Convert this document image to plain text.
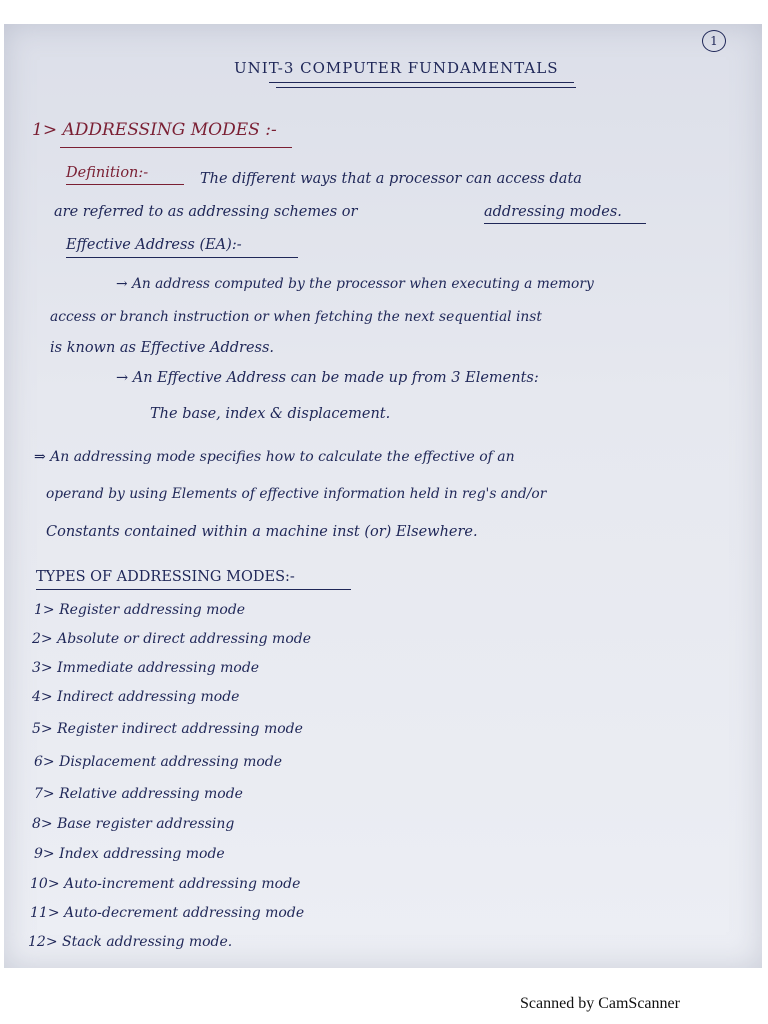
1
UNIT-3 COMPUTER FUNDAMENTALS
1> ADDRESSING MODES :-
Definition:-	The different ways that a processor can access data
are referred to as addressing schemes or	addressing modes.
Effective Address (EA):-
→ An address computed by the processor when executing a memory
access or branch instruction or when fetching the next sequential inst
is known as Effective Address.
→ An Effective Address can be made up from 3 Elements:
The base, index & displacement.
⇒ An addressing mode specifies how to calculate the effective of an
operand by using Elements of effective information held in reg's and/or
Constants contained within a machine inst (or) Elsewhere.
TYPES OF ADDRESSING MODES:-
1> Register addressing mode
2> Absolute or direct addressing mode
3> Immediate addressing mode
4> Indirect addressing mode
5> Register indirect addressing mode
6> Displacement addressing mode
7> Relative addressing mode
8> Base register addressing
9> Index addressing mode
10> Auto-increment addressing mode
11> Auto-decrement addressing mode
12> Stack addressing mode.
Scanned by CamScanner
